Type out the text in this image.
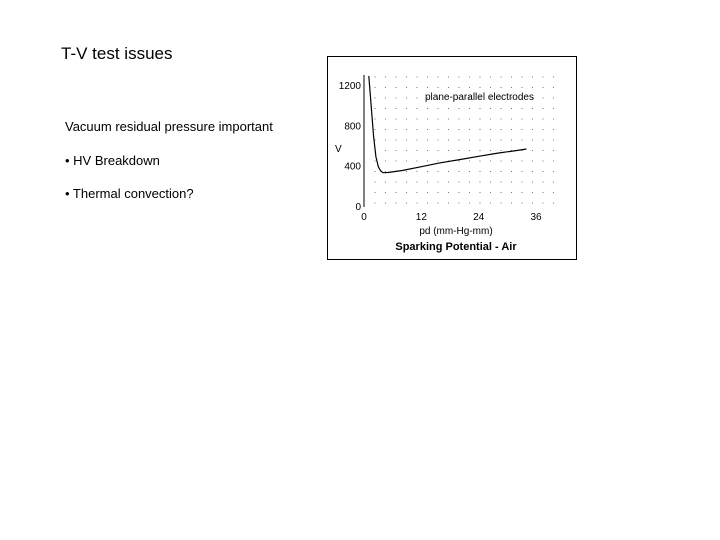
T-V test issues
Vacuum residual pressure important
• HV Breakdown
• Thermal convection?
0
400
800
1200
0	12	24	36
plane-parallel electrodes
V
pd (mm-Hg-mm)
Sparking Potential - Air
